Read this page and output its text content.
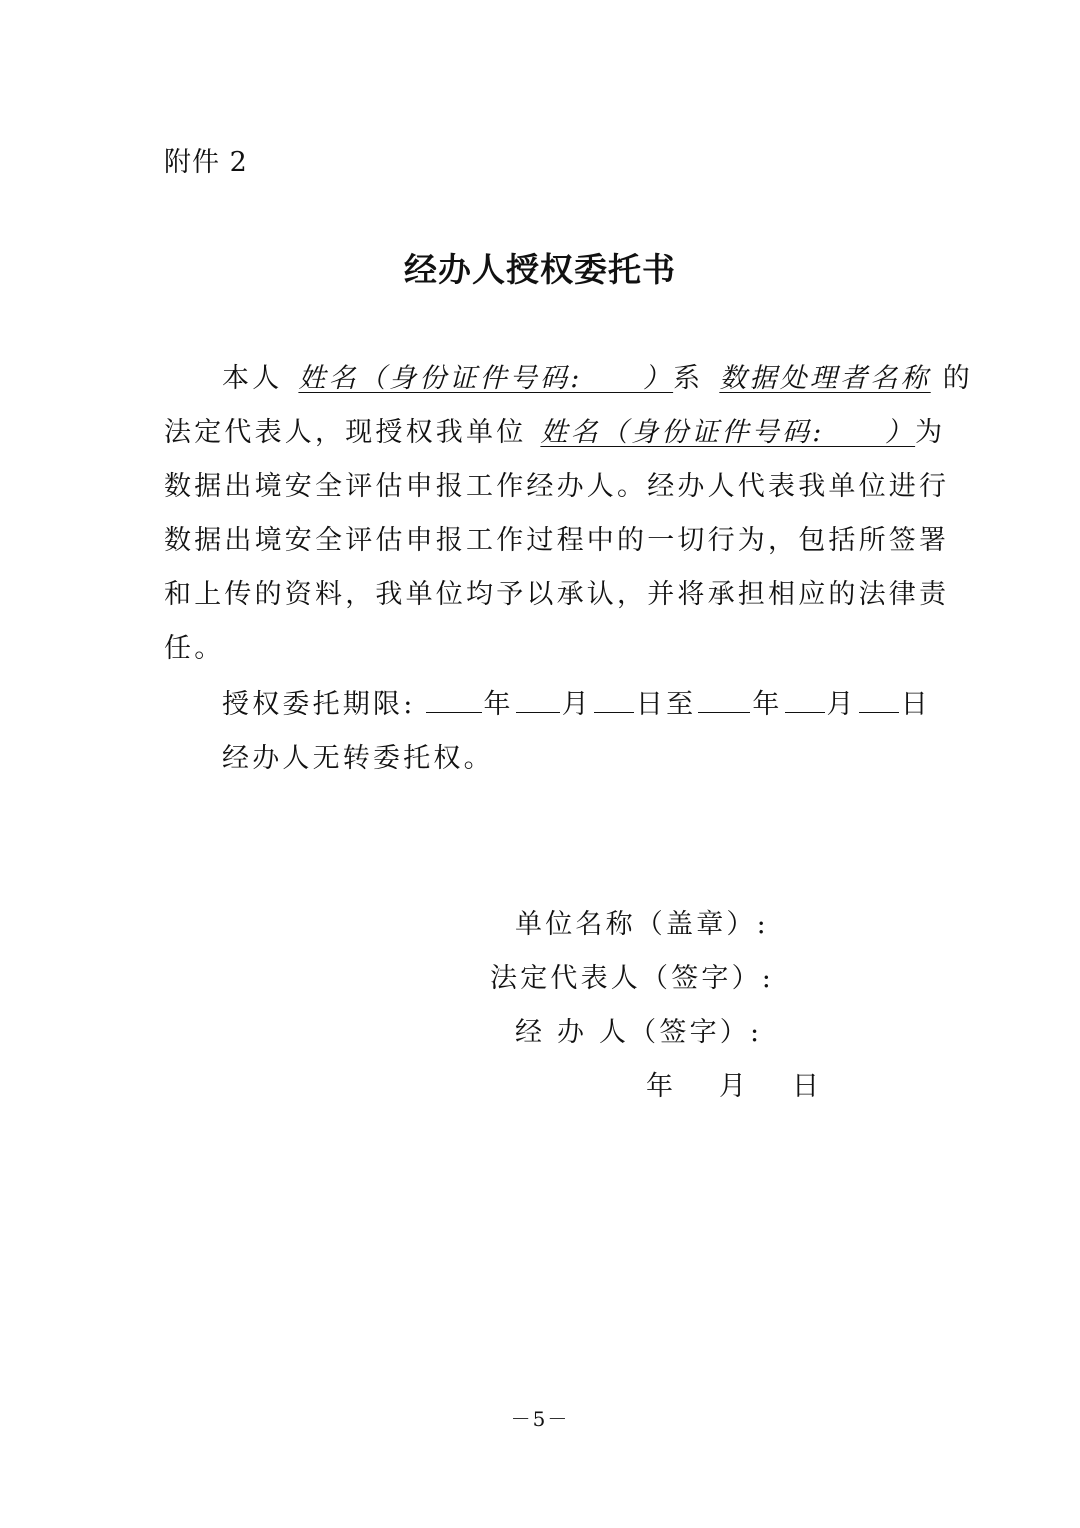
附件 2
经办人授权委托书
本人 姓名（身份证件号码:　　）系 数据处理者名称 的
法定代表人，现授权我单位 姓名（身份证件号码:　　）为
数据出境安全评估申报工作经办人。经办人代表我单位进行
数据出境安全评估申报工作过程中的一切行为，包括所签署
和上传的资料，我单位均予以承认，并将承担相应的法律责
任。
授权委托期限:	年 月 日至 年 月 日
经办人无转委托权。
单位名称（盖章）:
法定代表人（签字）:
经 办 人（签字）:
年 月 日
－5－
